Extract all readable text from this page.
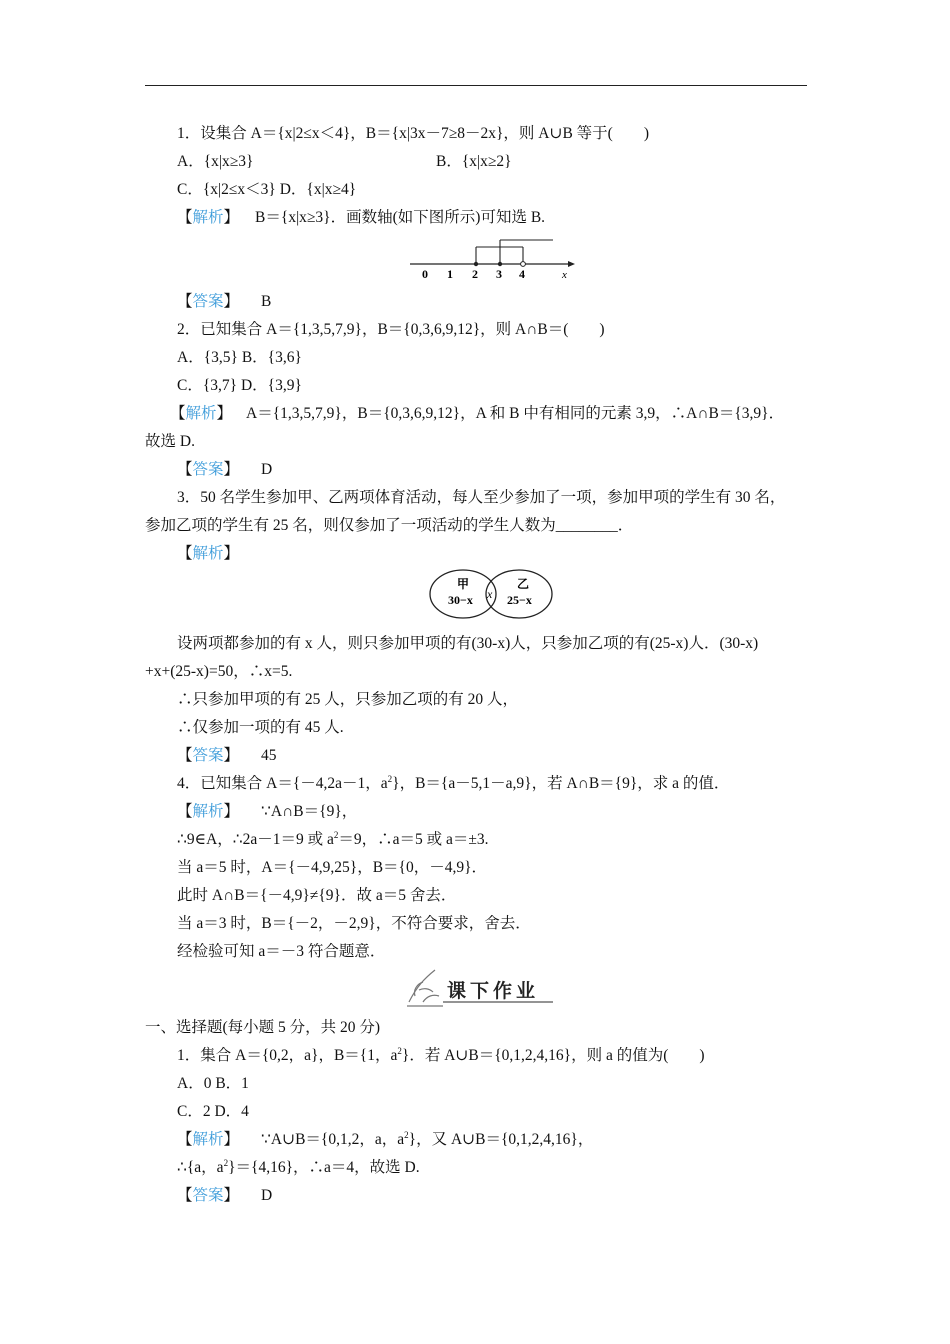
1．设集合 A＝{x|2≤x＜4}，B＝{x|3x－7≥8－2x}，则 A∪B 等于(　　)
A．{x|x≥3}	B．{x|x≥2}
C．{x|2≤x＜3} D．{x|x≥4}
【解析】 B＝{x|x≥3}．画数轴(如下图所示)可知选 B.
0 1 2 3 4	x
【答案】 B
2．已知集合 A＝{1,3,5,7,9}，B＝{0,3,6,9,12}，则 A∩B＝(　　)
A．{3,5} B．{3,6}
C．{3,7} D．{3,9}
【解析】 A＝{1,3,5,7,9}，B＝{0,3,6,9,12}，A 和 B 中有相同的元素 3,9，∴A∩B＝{3,9}．
故选 D.
【答案】 D
3．50 名学生参加甲、乙两项体育活动，每人至少参加了一项，参加甲项的学生有 30 名，
参加乙项的学生有 25 名，则仅参加了一项活动的学生人数为________．
【解析】
甲
30−x x
乙
25−x
设两项都参加的有 x 人，则只参加甲项的有(30-x)人，只参加乙项的有(25-x)人．(30-x)
+x+(25-x)=50，∴x=5.
∴只参加甲项的有 25 人，只参加乙项的有 20 人，
∴仅参加一项的有 45 人.
【答案】 45
4．已知集合 A＝{－4,2a－1，$a^2$}，B＝{a－5,1－a,9}，若 A∩B＝{9}，求 a 的值．
【解析】 ∵A∩B＝{9}，
∴9∈A，∴2a－1＝9 或 $a^2=9$，∴a＝5 或 a＝±3.
当 a＝5 时，A＝{－4,9,25}，B＝{0，－4,9}．
此时 A∩B＝{－4,9}≠{9}．故 a＝5 舍去．
当 a＝3 时，B＝{－2，－2,9}，不符合要求，舍去．
经检验可知 a＝－3 符合题意．
课下作业
一、选择题(每小题 5 分，共 20 分)
1．集合 A＝{0,2，a}，B＝{1，$a^2$}．若 A∪B＝{0,1,2,4,16}，则 a 的值为(　　)
A．0 B．1
C．2 D．4
【解析】 ∵A∪B＝{0,1,2，a，$a^2$}，又 A∪B＝{0,1,2,4,16}，
∴{a，$a^2\}=\{4,16\}$，∴a＝4，故选 D.
【答案】 D
